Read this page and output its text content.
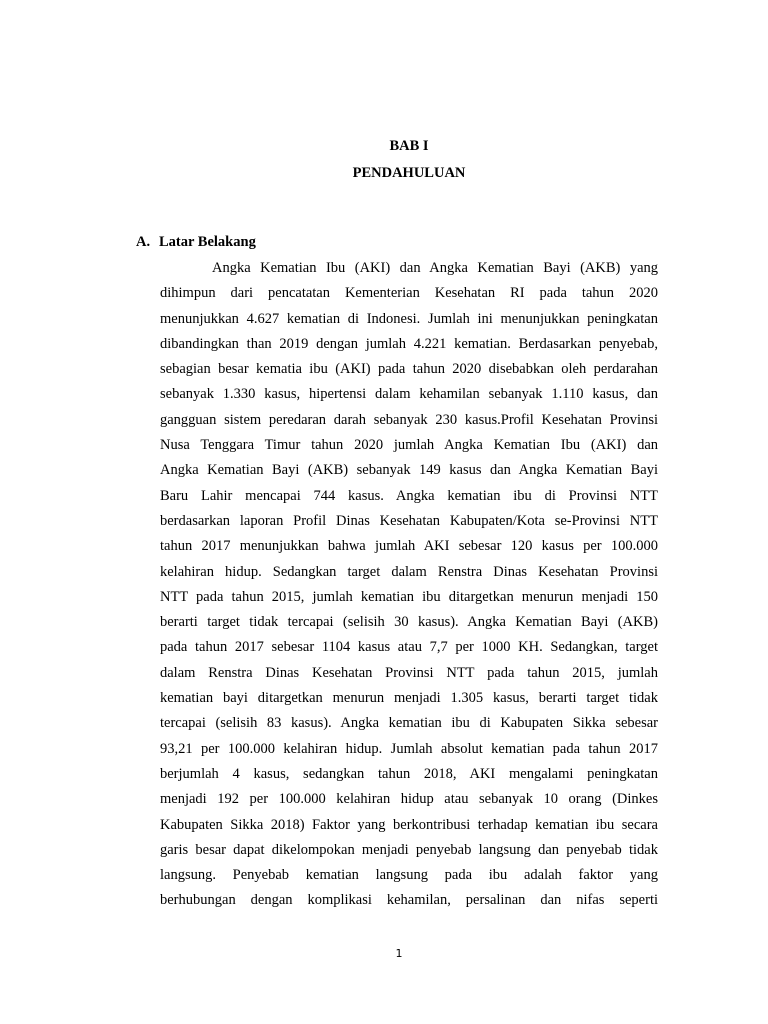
BAB I
PENDAHULUAN
A. Latar Belakang
Angka Kematian Ibu (AKI) dan Angka Kematian Bayi (AKB) yang
dihimpun dari pencatatan Kementerian Kesehatan RI pada tahun 2020
menunjukkan 4.627 kematian di Indonesi. Jumlah ini menunjukkan peningkatan
dibandingkan than 2019 dengan jumlah 4.221 kematian. Berdasarkan penyebab,
sebagian besar kematia ibu (AKI) pada tahun 2020 disebabkan oleh perdarahan
sebanyak 1.330 kasus, hipertensi dalam kehamilan sebanyak 1.110 kasus, dan
gangguan sistem peredaran darah sebanyak 230 kasus.Profil Kesehatan Provinsi
Nusa Tenggara Timur tahun 2020 jumlah Angka Kematian Ibu (AKI) dan
Angka Kematian Bayi (AKB) sebanyak 149 kasus dan Angka Kematian Bayi
Baru Lahir mencapai 744 kasus. Angka kematian ibu di Provinsi NTT
berdasarkan laporan Profil Dinas Kesehatan Kabupaten/Kota se-Provinsi NTT
tahun 2017 menunjukkan bahwa jumlah AKI sebesar 120 kasus per 100.000
kelahiran hidup. Sedangkan target dalam Renstra Dinas Kesehatan Provinsi
NTT pada tahun 2015, jumlah kematian ibu ditargetkan menurun menjadi 150
berarti target tidak tercapai (selisih 30 kasus). Angka Kematian Bayi (AKB)
pada tahun 2017 sebesar 1104 kasus atau 7,7 per 1000 KH. Sedangkan, target
dalam Renstra Dinas Kesehatan Provinsi NTT pada tahun 2015, jumlah
kematian bayi ditargetkan menurun menjadi 1.305 kasus, berarti target tidak
tercapai (selisih 83 kasus). Angka kematian ibu di Kabupaten Sikka sebesar
93,21 per 100.000 kelahiran hidup. Jumlah absolut kematian pada tahun 2017
berjumlah 4 kasus, sedangkan tahun 2018, AKI mengalami peningkatan
menjadi 192 per 100.000 kelahiran hidup atau sebanyak 10 orang (Dinkes
Kabupaten Sikka 2018) Faktor yang berkontribusi terhadap kematian ibu secara
garis besar dapat dikelompokan menjadi penyebab langsung dan penyebab tidak
langsung. Penyebab kematian langsung pada ibu adalah faktor yang
berhubungan dengan komplikasi kehamilan, persalinan dan nifas seperti
1
